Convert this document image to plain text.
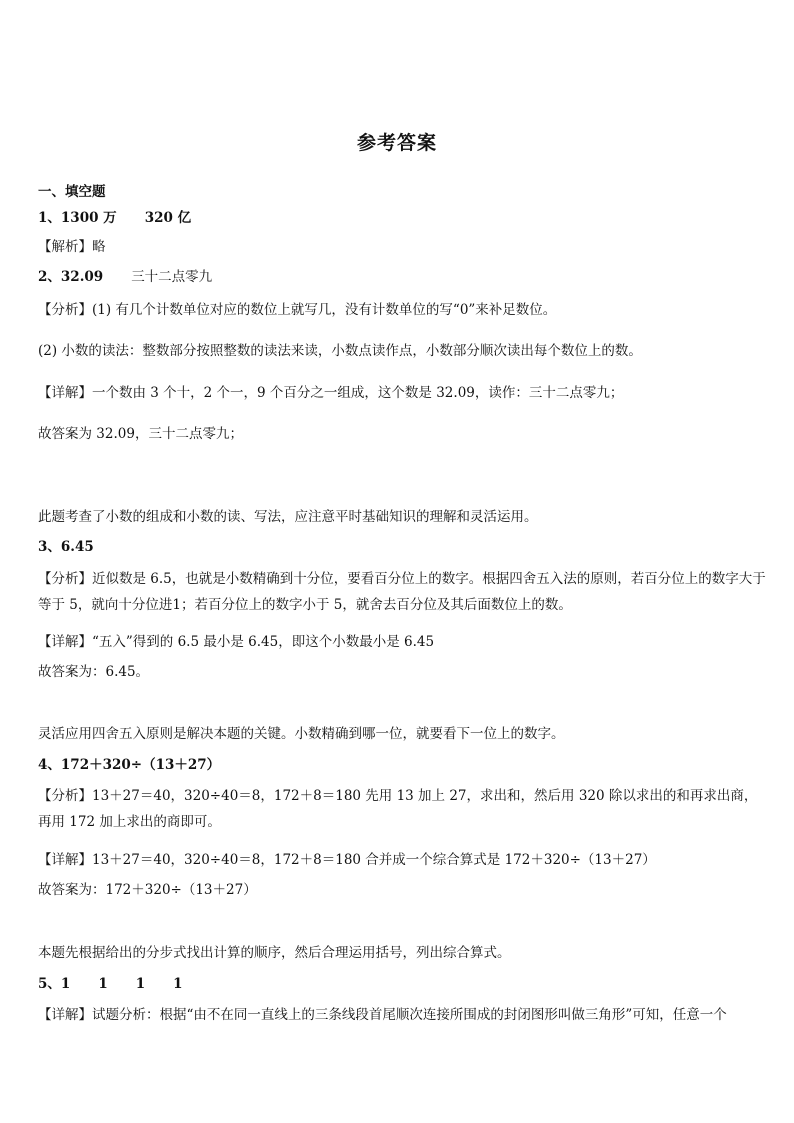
参考答案
一、填空题
1、1300 万 320 亿
【解析】略
2、32.09 三十二点零九
【分析】(1) 有几个计数单位对应的数位上就写几，没有计数单位的写“0”来补足数位。
(2) 小数的读法：整数部分按照整数的读法来读，小数点读作点，小数部分顺次读出每个数位上的数。
【详解】一个数由 3 个十，2 个一，9 个百分之一组成，这个数是 32.09，读作：三十二点零九；
故答案为 32.09，三十二点零九；
此题考查了小数的组成和小数的读、写法，应注意平时基础知识的理解和灵活运用。
3、6.45
【分析】近似数是 6.5，也就是小数精确到十分位，要看百分位上的数字。根据四舍五入法的原则，若百分位上的数字大于等于 5，就向十分位进1；若百分位上的数字小于 5，就舍去百分位及其后面数位上的数。
【详解】“五入”得到的 6.5 最小是 6.45，即这个小数最小是 6.45
故答案为：6.45。
灵活应用四舍五入原则是解决本题的关键。小数精确到哪一位，就要看下一位上的数字。
4、172＋320÷（13＋27）
【分析】13＋27＝40，320÷40＝8，172＋8＝180 先用 13 加上 27，求出和，然后用 320 除以求出的和再求出商，再用 172 加上求出的商即可。
【详解】13＋27＝40，320÷40＝8，172＋8＝180 合并成一个综合算式是 172＋320÷（13＋27）
故答案为：172＋320÷（13＋27）
本题先根据给出的分步式找出计算的顺序，然后合理运用括号，列出综合算式。
5、1 1 1 1
【详解】试题分析：根据“由不在同一直线上的三条线段首尾顺次连接所围成的封闭图形叫做三角形”可知，任意一个
